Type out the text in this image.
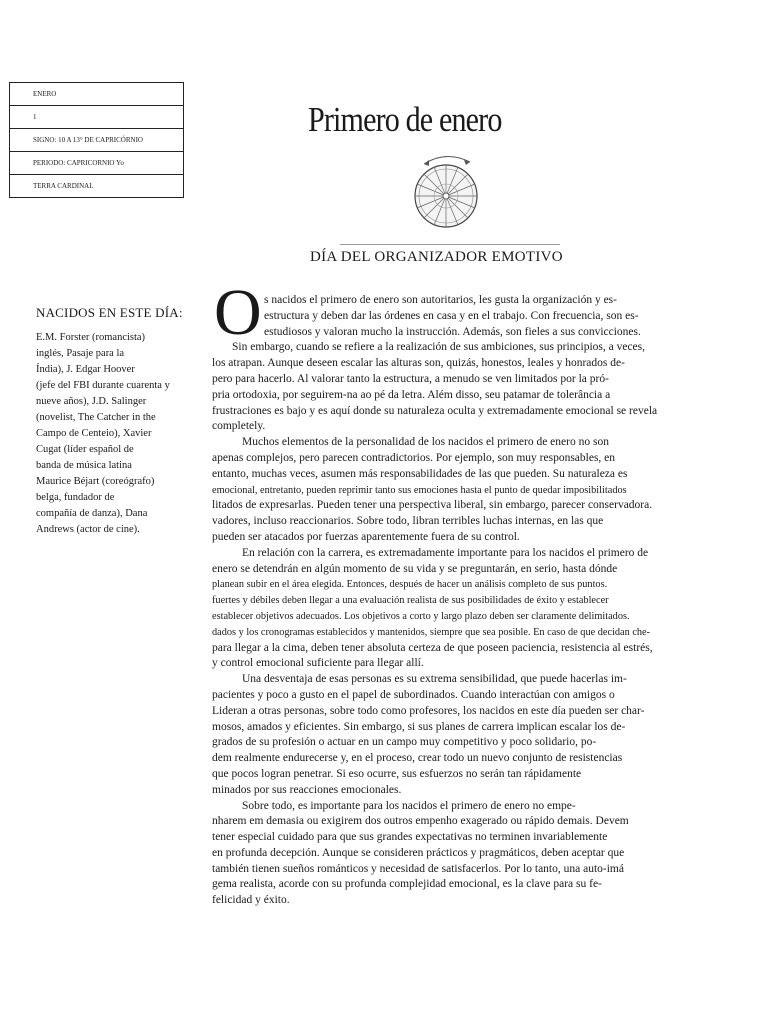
ENERO
1
SIGNO: 10 A 13° DE CAPRICÓRNIO
PERIODO: CAPRICORNIO Yo
TERRA CARDINAL
Primero de enero
DÍA DEL ORGANIZADOR EMOTIVO
NACIDOS EN ESTE DÍA:
E.M. Forster (romancista)
inglés, Pasaje para la
Índia), J. Edgar Hoover
(jefe del FBI durante cuarenta y
nueve años), J.D. Salinger
(novelist, The Catcher in the
Campo de Centeio), Xavier
Cugat (líder español de
banda de música latina
Maurice Béjart (coreógrafo)
belga, fundador de
compañía de danza), Dana
Andrews (actor de cine).
O s nacidos el primero de enero son autoritarios, les gusta la organización y es-
estructura y deben dar las órdenes en casa y en el trabajo. Con frecuencia, son es-
estudiosos y valoran mucho la instrucción. Además, son fieles a sus convicciones.
Sin embargo, cuando se refiere a la realización de sus ambiciones, sus principios, a veces,
los atrapan. Aunque deseen escalar las alturas son, quizás, honestos, leales y honrados de-
pero para hacerlo. Al valorar tanto la estructura, a menudo se ven limitados por la pró-
pria ortodoxia, por seguirem-na ao pé da letra. Além disso, seu patamar de tolerância a
frustraciones es bajo y es aquí donde su naturaleza oculta y extremadamente emocional se revela
completely.
Muchos elementos de la personalidad de los nacidos el primero de enero no son
apenas complejos, pero parecen contradictorios. Por ejemplo, son muy responsables, en
entanto, muchas veces, asumen más responsabilidades de las que pueden. Su naturaleza es
emocional, entretanto, pueden reprimir tanto sus emociones hasta el punto de quedar imposibilitados
litados de expresarlas. Pueden tener una perspectiva liberal, sin embargo, parecer conservadora.
vadores, incluso reaccionarios. Sobre todo, libran terribles luchas internas, en las que
pueden ser atacados por fuerzas aparentemente fuera de su control.
En relación con la carrera, es extremadamente importante para los nacidos el primero de
enero se detendrán en algún momento de su vida y se preguntarán, en serio, hasta dónde
planean subir en el área elegida. Entonces, después de hacer un análisis completo de sus puntos.
fuertes y débiles deben llegar a una evaluación realista de sus posibilidades de éxito y establecer
establecer objetivos adecuados. Los objetivos a corto y largo plazo deben ser claramente delimitados.
dados y los cronogramas establecidos y mantenidos, siempre que sea posible. En caso de que decidan che-
para llegar a la cima, deben tener absoluta certeza de que poseen paciencia, resistencia al estrés,
y control emocional suficiente para llegar allí.
Una desventaja de esas personas es su extrema sensibilidad, que puede hacerlas im-
pacientes y poco a gusto en el papel de subordinados. Cuando interactúan con amigos o
Lideran a otras personas, sobre todo como profesores, los nacidos en este día pueden ser char-
mosos, amados y eficientes. Sin embargo, si sus planes de carrera implican escalar los de-
grados de su profesión o actuar en un campo muy competitivo y poco solidario, po-
dem realmente endurecerse y, en el proceso, crear todo un nuevo conjunto de resistencias
que pocos logran penetrar. Si eso ocurre, sus esfuerzos no serán tan rápidamente
minados por sus reacciones emocionales.
Sobre todo, es importante para los nacidos el primero de enero no empe-
nharem em demasia ou exigirem dos outros empenho exagerado ou rápido demais. Devem
tener especial cuidado para que sus grandes expectativas no terminen invariablemente
en profunda decepción. Aunque se consideren prácticos y pragmáticos, deben aceptar que
también tienen sueños románticos y necesidad de satisfacerlos. Por lo tanto, una auto-imá
gema realista, acorde con su profunda complejidad emocional, es la clave para su fe-
felicidad y éxito.
